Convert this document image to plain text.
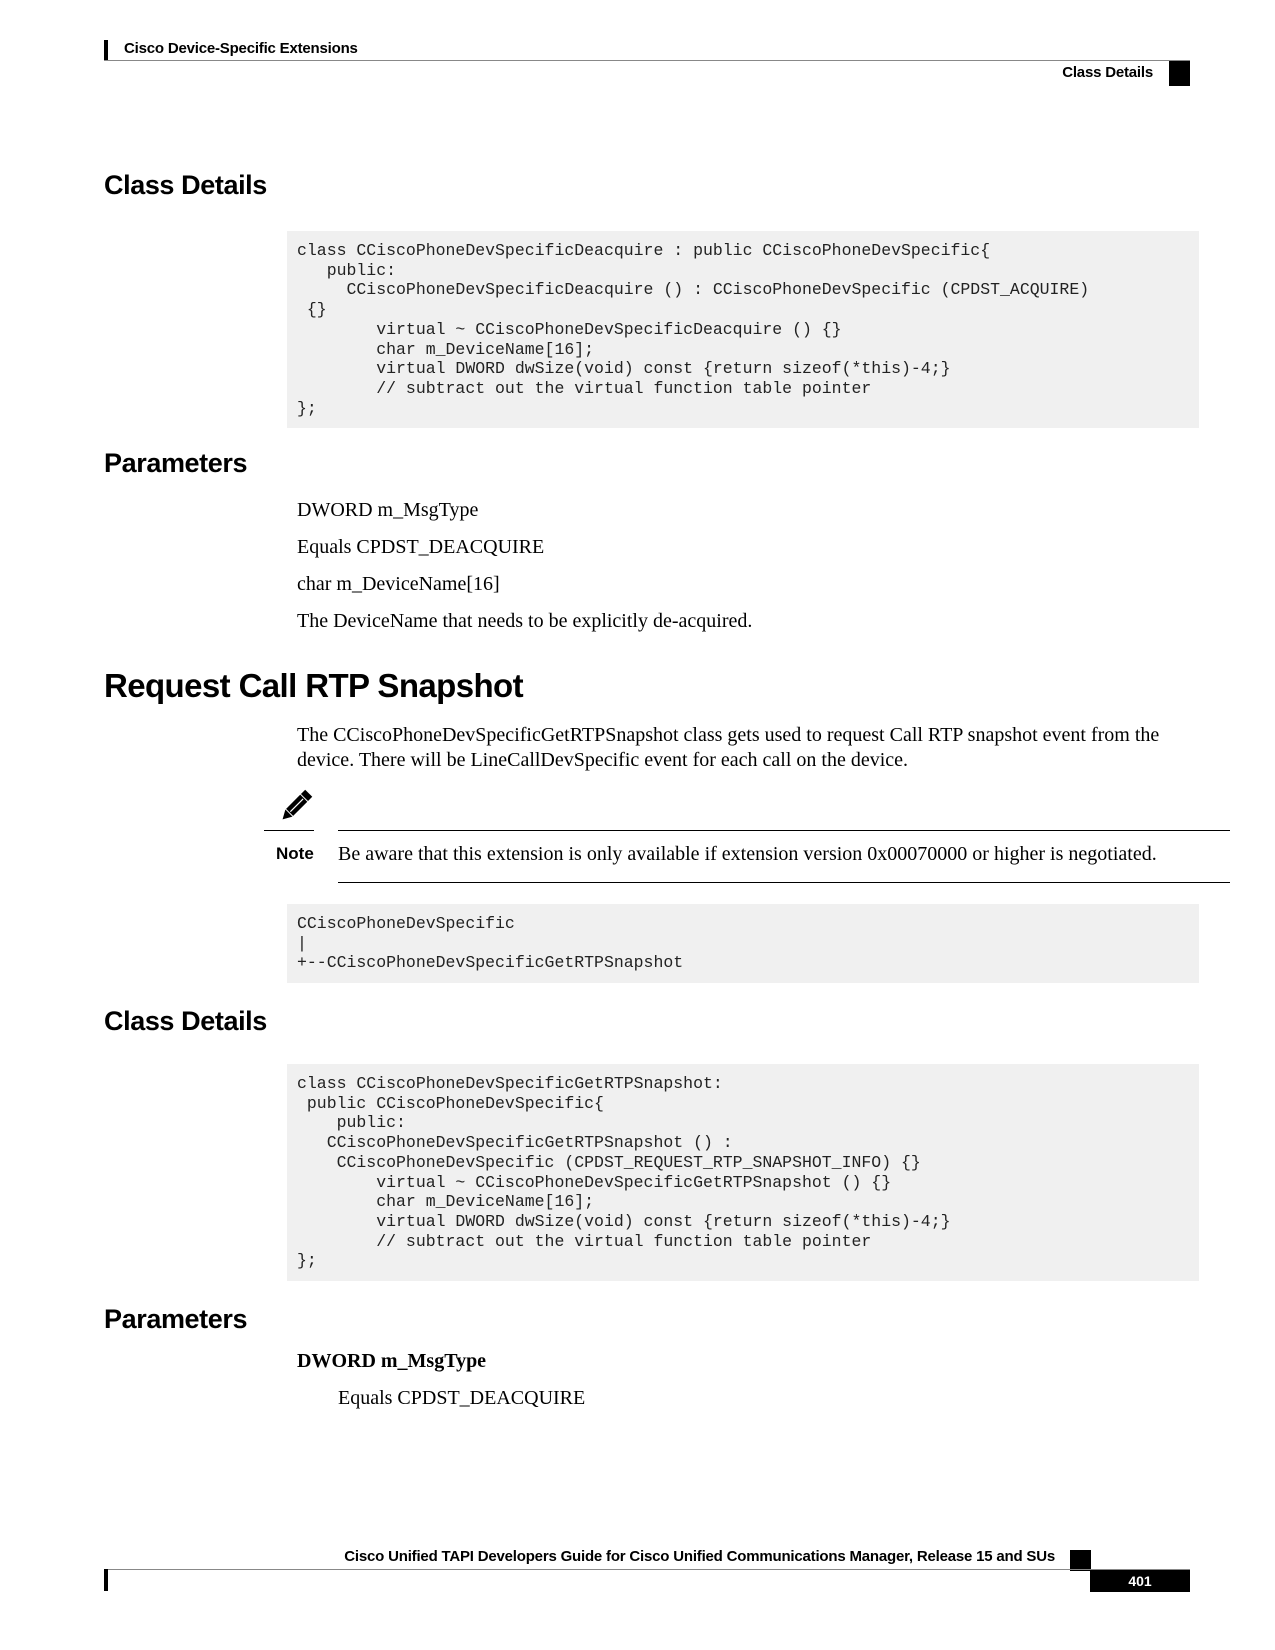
Cisco Device-Specific Extensions
Class Details
Class Details
class CCiscoPhoneDevSpecificDeacquire : public CCiscoPhoneDevSpecific{
public:
CCiscoPhoneDevSpecificDeacquire () : CCiscoPhoneDevSpecific (CPDST_ACQUIRE)
{}
virtual ~ CCiscoPhoneDevSpecificDeacquire () {}
char m_DeviceName[16];
virtual DWORD dwSize(void) const {return sizeof(*this)-4;}
// subtract out the virtual function table pointer
};
Parameters
DWORD m_MsgType
Equals CPDST_DEACQUIRE
char m_DeviceName[16]
The DeviceName that needs to be explicitly de-acquired.
Request Call RTP Snapshot
The CCiscoPhoneDevSpecificGetRTPSnapshot class gets used to request Call RTP snapshot event from the device. There will be LineCallDevSpecific event for each call on the device.
Note Be aware that this extension is only available if extension version 0x00070000 or higher is negotiated.
CCiscoPhoneDevSpecific
|
+--CCiscoPhoneDevSpecificGetRTPSnapshot
Class Details
class CCiscoPhoneDevSpecificGetRTPSnapshot:
public CCiscoPhoneDevSpecific{
public:
CCiscoPhoneDevSpecificGetRTPSnapshot () :
CCiscoPhoneDevSpecific (CPDST_REQUEST_RTP_SNAPSHOT_INFO) {}
virtual ~ CCiscoPhoneDevSpecificGetRTPSnapshot () {}
char m_DeviceName[16];
virtual DWORD dwSize(void) const {return sizeof(*this)-4;}
// subtract out the virtual function table pointer
};
Parameters
DWORD m_MsgType
Equals CPDST_DEACQUIRE
Cisco Unified TAPI Developers Guide for Cisco Unified Communications Manager, Release 15 and SUs
401
